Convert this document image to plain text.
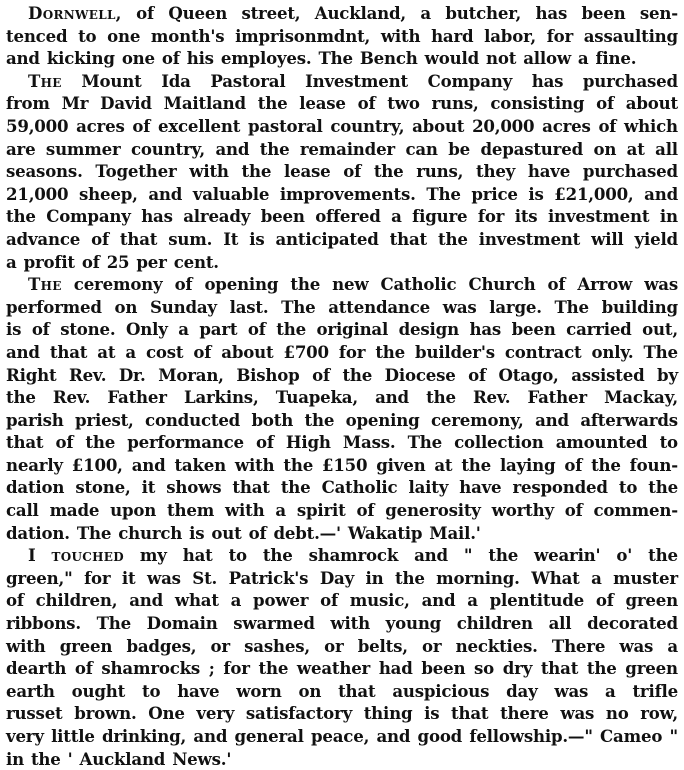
Dornwell, of Queen street, Auckland, a butcher, has been sen-
tenced to one month's imprisonmdnt, with hard labor, for assaulting
and kicking one of his employes. The Bench would not allow a fine.
The Mount Ida Pastoral Investment Company has purchased
from Mr David Maitland the lease of two runs, consisting of about
59,000 acres of excellent pastoral country, about 20,000 acres of which
are summer country, and the remainder can be depastured on at all
seasons. Together with the lease of the runs, they have purchased
21,000 sheep, and valuable improvements. The price is £21,000, and
the Company has already been offered a figure for its investment in
advance of that sum. It is anticipated that the investment will yield
a profit of 25 per cent.
The ceremony of opening the new Catholic Church of Arrow was
performed on Sunday last. The attendance was large. The building
is of stone. Only a part of the original design has been carried out,
and that at a cost of about £700 for the builder's contract only. The
Right Rev. Dr. Moran, Bishop of the Diocese of Otago, assisted by
the Rev. Father Larkins, Tuapeka, and the Rev. Father Mackay,
parish priest, conducted both the opening ceremony, and afterwards
that of the performance of High Mass. The collection amounted to
nearly £100, and taken with the £150 given at the laying of the foun-
dation stone, it shows that the Catholic laity have responded to the
call made upon them with a spirit of generosity worthy of commen-
dation. The church is out of debt.—' Wakatip Mail.'
I touched my hat to the shamrock and " the wearin' o' the
green," for it was St. Patrick's Day in the morning. What a muster
of children, and what a power of music, and a plentitude of green
ribbons. The Domain swarmed with young children all decorated
with green badges, or sashes, or belts, or neckties. There was a
dearth of shamrocks ; for the weather had been so dry that the green
earth ought to have worn on that auspicious day was a trifle
russet brown. One very satisfactory thing is that there was no row,
very little drinking, and general peace, and good fellowship.—" Cameo "
in the ' Auckland News.'
